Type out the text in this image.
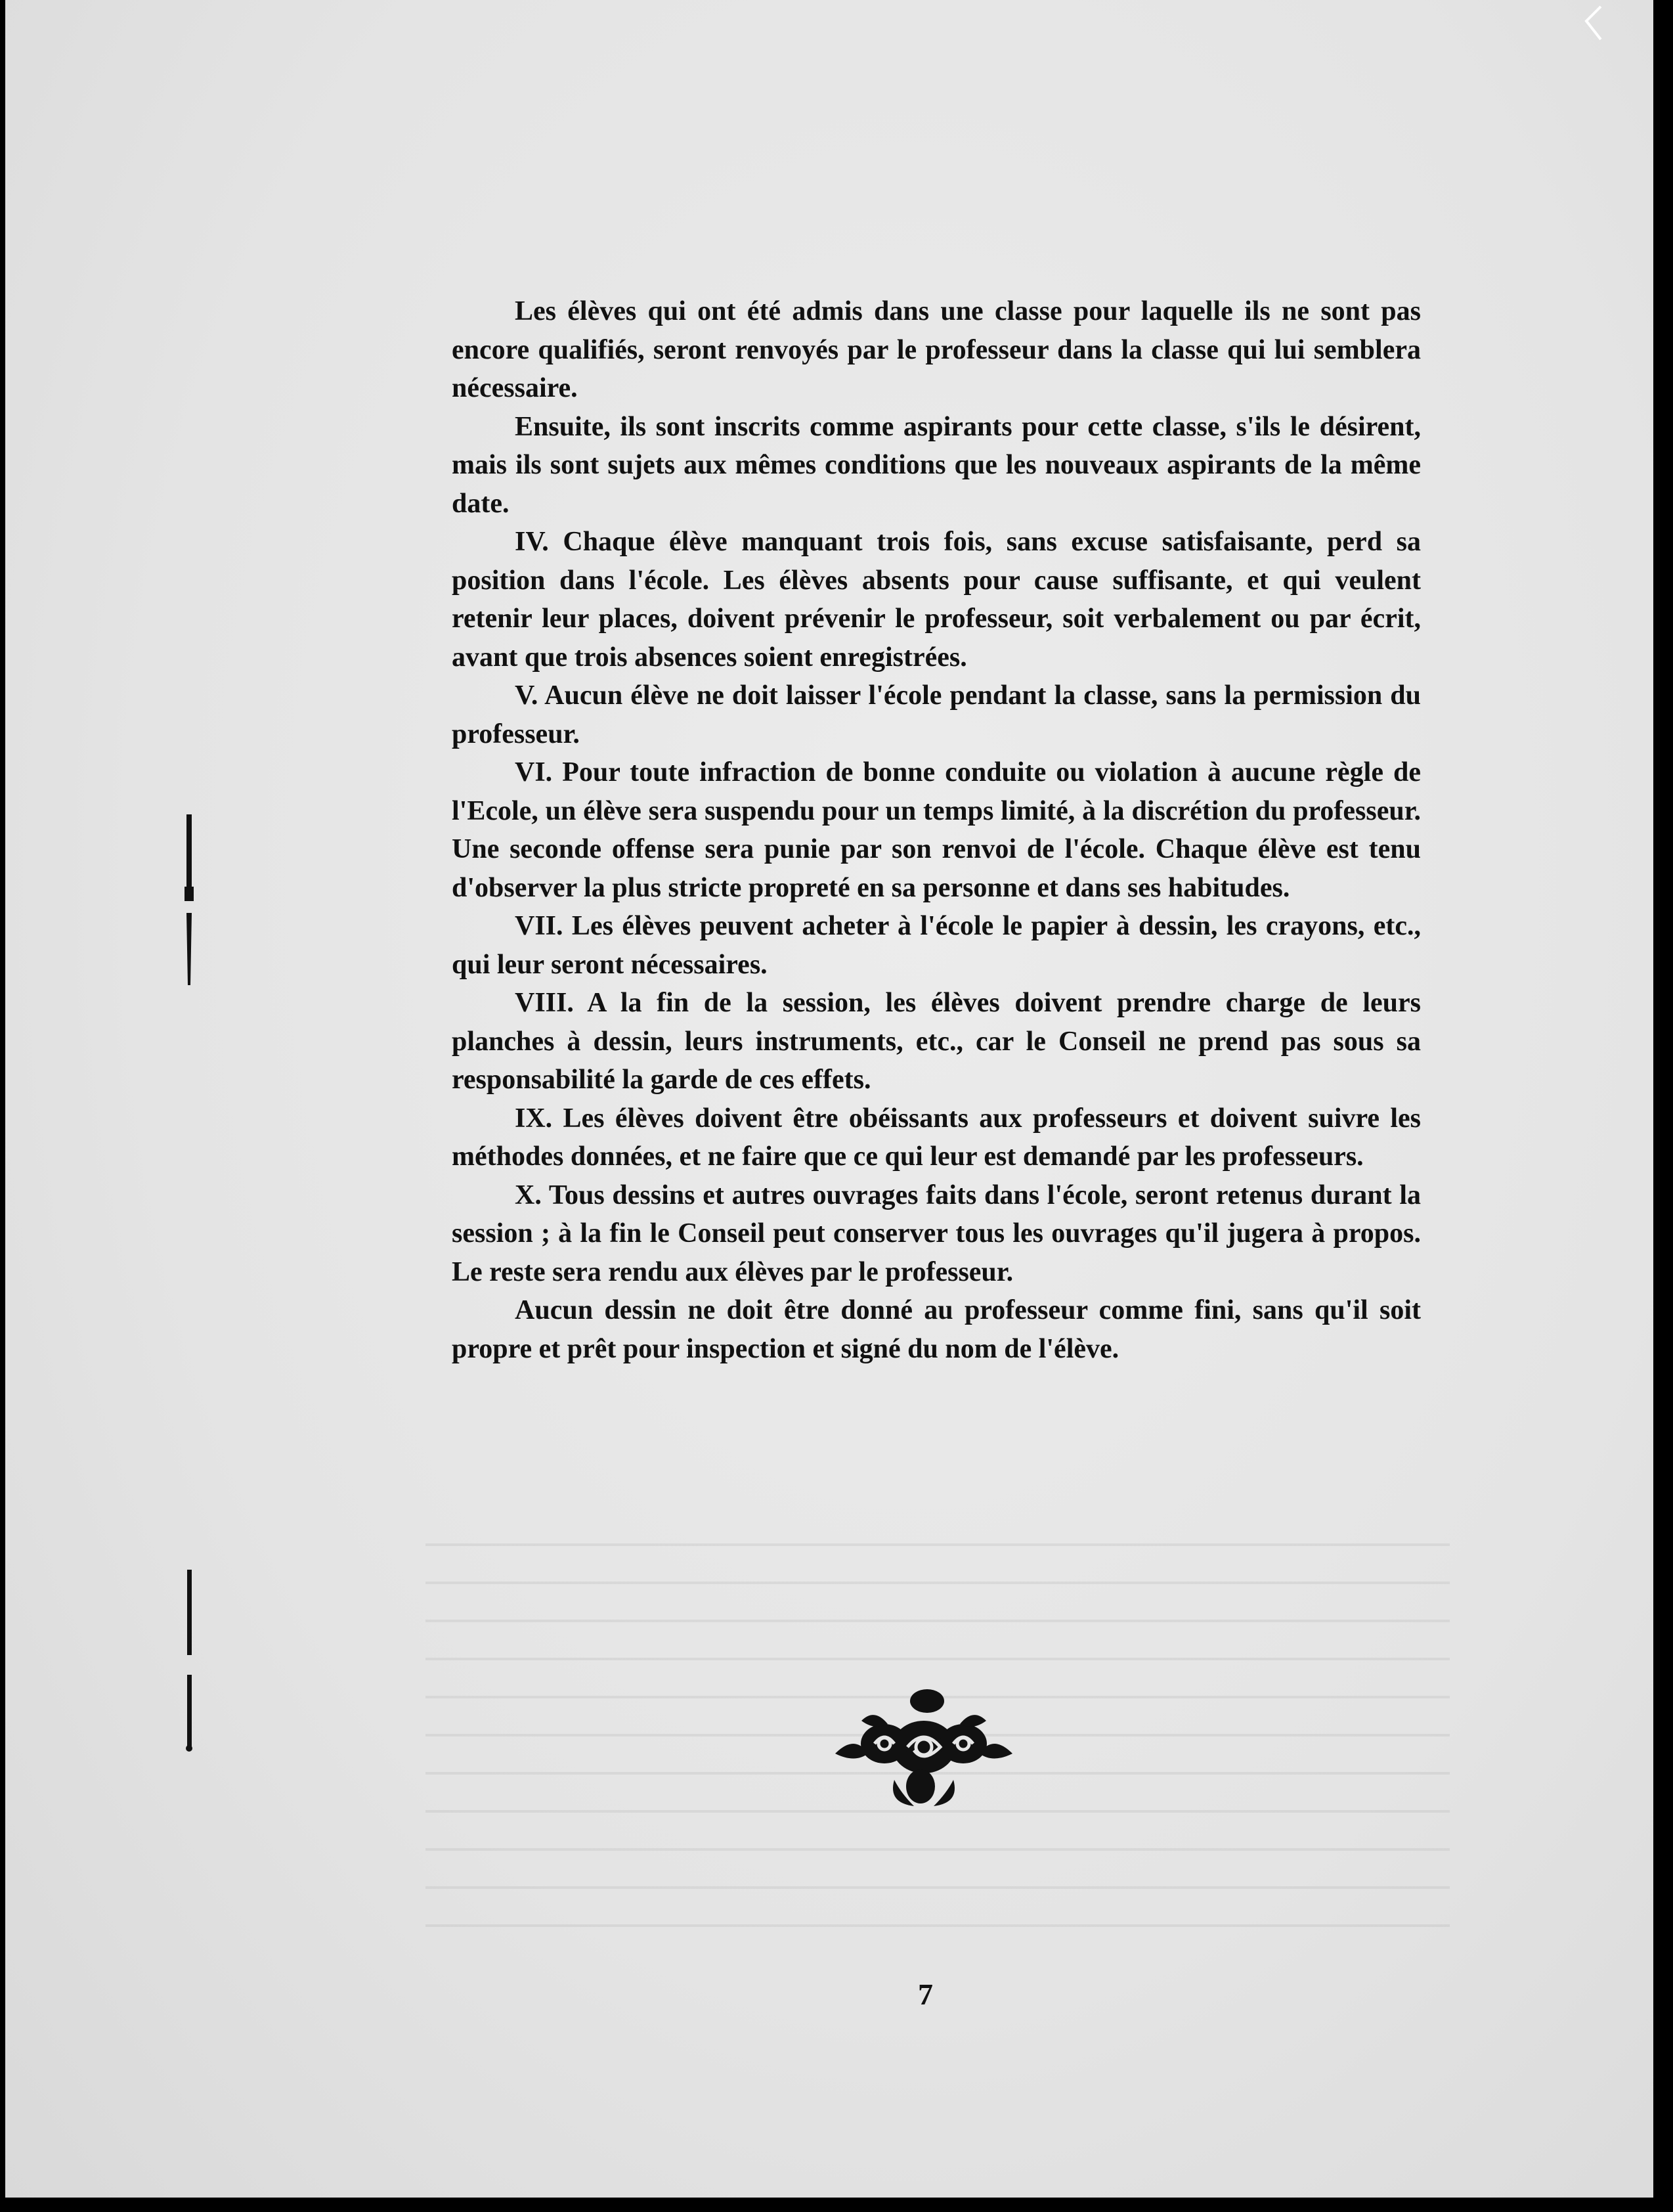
Les élèves qui ont été admis dans une classe pour laquelle ils ne sont pas encore qualifiés, seront renvoyés par le professeur dans la classe qui lui semblera nécessaire.

Ensuite, ils sont inscrits comme aspirants pour cette classe, s'ils le désirent, mais ils sont sujets aux mêmes conditions que les nouveaux aspirants de la même date.

IV. Chaque élève manquant trois fois, sans excuse satisfaisante, perd sa position dans l'école. Les élèves absents pour cause suffisante, et qui veulent retenir leur places, doivent prévenir le professeur, soit verbalement ou par écrit, avant que trois absences soient enregistrées.

V. Aucun élève ne doit laisser l'école pendant la classe, sans la permission du professeur.

VI. Pour toute infraction de bonne conduite ou violation à aucune règle de l'Ecole, un élève sera suspendu pour un temps limité, à la discrétion du professeur. Une seconde offense sera punie par son renvoi de l'école. Chaque élève est tenu d'observer la plus stricte propreté en sa personne et dans ses habitudes.

VII. Les élèves peuvent acheter à l'école le papier à dessin, les crayons, etc., qui leur seront nécessaires.

VIII. A la fin de la session, les élèves doivent prendre charge de leurs planches à dessin, leurs instruments, etc., car le Conseil ne prend pas sous sa responsabilité la garde de ces effets.

IX. Les élèves doivent être obéissants aux professeurs et doivent suivre les méthodes données, et ne faire que ce qui leur est demandé par les professeurs.

X. Tous dessins et autres ouvrages faits dans l'école, seront retenus durant la session ; à la fin le Conseil peut conserver tous les ouvrages qu'il jugera à propos. Le reste sera rendu aux élèves par le professeur.

Aucun dessin ne doit être donné au professeur comme fini, sans qu'il soit propre et prêt pour inspection et signé du nom de l'élève.

7
